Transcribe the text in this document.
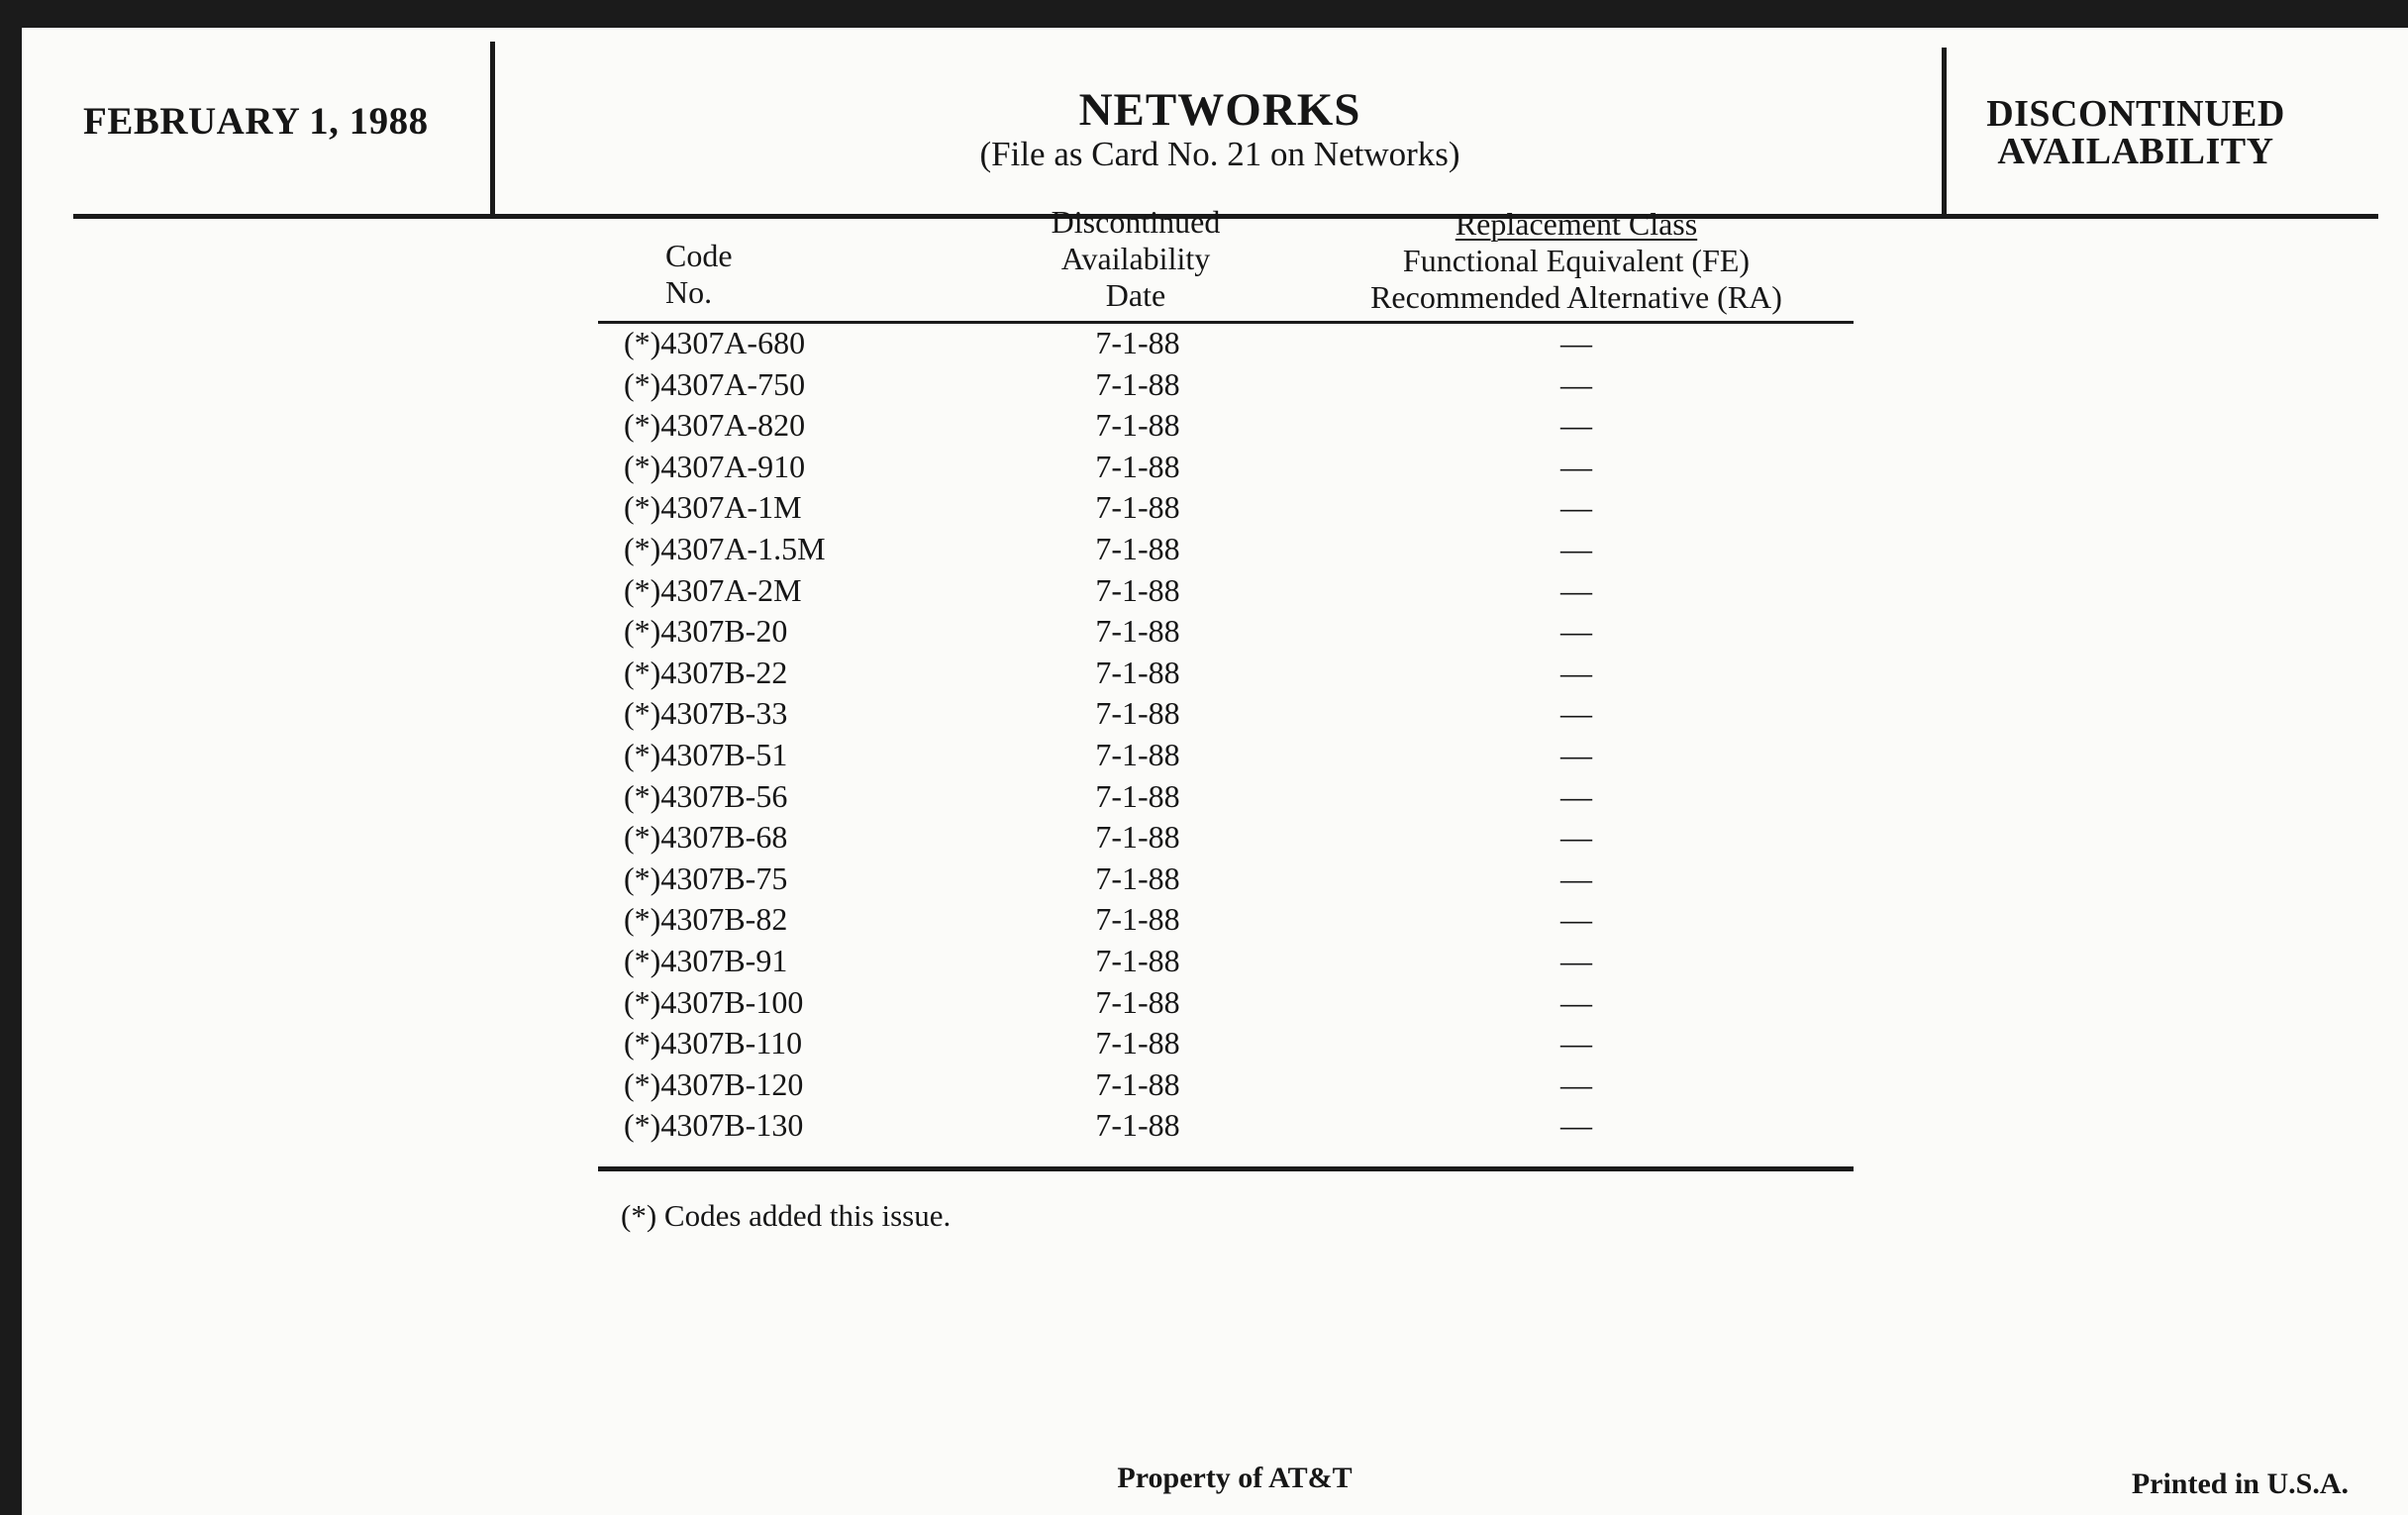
FEBRUARY 1, 1988	NETWORKS
(File as Card No. 21 on Networks)
DISCONTINUED
AVAILABILITY
Code
No.
Discontinued
Availability
Date
Replacement Class
Functional Equivalent (FE)
Recommended Alternative (RA)
(*)4307A-680	7-1-88	—
(*)4307A-750	7-1-88	—
(*)4307A-820	7-1-88	—
(*)4307A-910	7-1-88	—
(*)4307A-1M	7-1-88	—
(*)4307A-1.5M	7-1-88	—
(*)4307A-2M	7-1-88	—
(*)4307B-20	7-1-88	—
(*)4307B-22	7-1-88	—
(*)4307B-33	7-1-88	—
(*)4307B-51	7-1-88	—
(*)4307B-56	7-1-88	—
(*)4307B-68	7-1-88	—
(*)4307B-75	7-1-88	—
(*)4307B-82	7-1-88	—
(*)4307B-91	7-1-88	—
(*)4307B-100	7-1-88	—
(*)4307B-110	7-1-88	—
(*)4307B-120	7-1-88	—
(*)4307B-130	7-1-88	—
(*) Codes added this issue.
Property of AT&T	Printed in U.S.A.
